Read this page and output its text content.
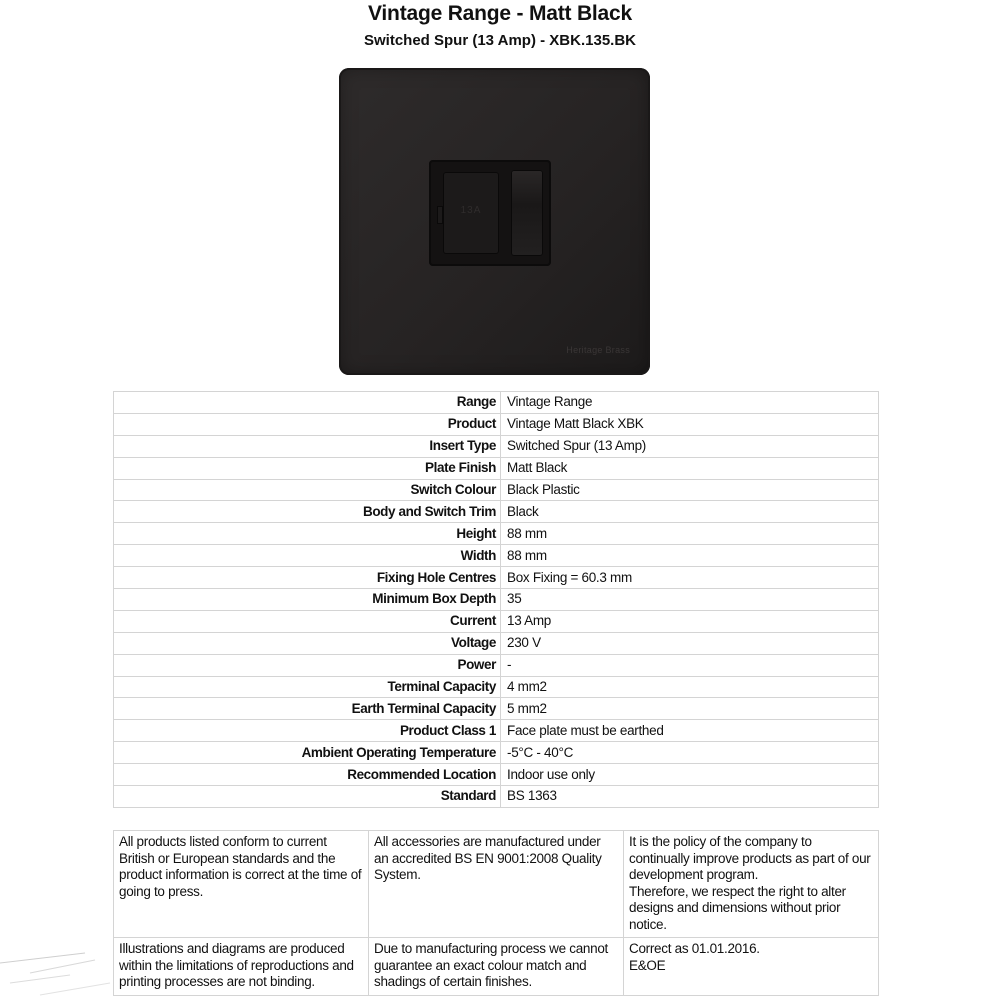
Vintage Range - Matt Black
Switched Spur (13 Amp) - XBK.135.BK
13A
Heritage Brass
Range	Vintage Range
Product	Vintage Matt Black XBK
Insert Type	Switched Spur (13 Amp)
Plate Finish	Matt Black
Switch Colour	Black Plastic
Body and Switch Trim	Black
Height	88 mm
Width	88 mm
Fixing Hole Centres	Box Fixing = 60.3 mm
Minimum Box Depth	35
Current	13 Amp
Voltage	230 V
Power	-
Terminal Capacity	4 mm2
Earth Terminal Capacity	5 mm2
Product Class 1	Face plate must be earthed
Ambient Operating Temperature	-5°C - 40°C
Recommended Location	Indoor use only
Standard	BS 1363
All products listed conform to current British or European standards and the product information is correct at the time of going to press.	All accessories are manufactured under an accredited BS EN 9001:2008 Quality System.	It is the policy of the company to continually improve products as part of our development program.
Therefore, we respect the right to alter designs and dimensions without prior notice.

Illustrations and diagrams are produced within the limitations of reproductions and printing processes are not binding.	Due to manufacturing process we cannot guarantee an exact colour match and shadings of certain finishes.	Correct as 01.01.2016.
E&OE
